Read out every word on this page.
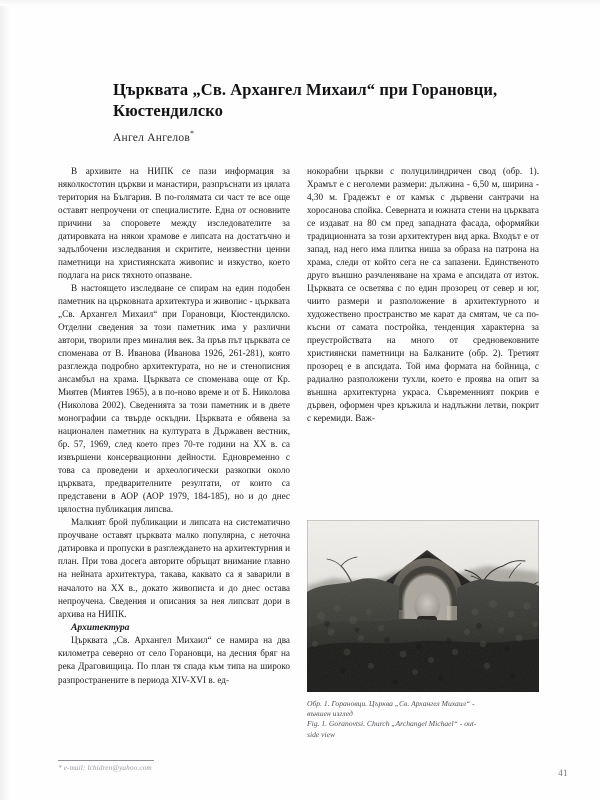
Църквата „Св. Архангел Михаил“ при Горановци, Кюстендилско
Ангел Ангелов*

В архивите на НИПК се пази информация за няколкостотин църкви и манастири, разпръснати из цялата територия на България. В по-голямата си част те все още оставят непроучени от специалистите. Една от основните причини за споровете между изследователите за датировката на някои храмове е липсата на достатъчно и задълбочени изследвания и скритите, неизвестни ценни паметници на християнската живопис и изкуство, което подлага на риск тяхното опазване.

В настоящето изследване се спирам на един подобен паметник на църковната архитектура и живопис - църквата „Св. Архангел Михаил“ при Горановци, Кюстендилско. Отделни сведения за този паметник има у различни автори, творили през миналия век. За пръв път църквата се споменава от В. Иванова (Иванова 1926, 261-281), която разглежда подробно архитектурата, но не и стенописния ансамбъл на храма. Църквата се споменава още от Кр. Миятев (Миятев 1965), а в по-ново време и от Б. Николова (Николова 2002). Сведенията за този паметник и в двете монографии са твърде оскъдни. Църквата е обявена за национален паметник на културата в Държавен вестник, бр. 57, 1969, след което през 70-те години на XX в. са извършени консервационни дейности. Едновременно с това са проведени и археологически разкопки около църквата, предварителните резултати, от които са представени в АОР (АОР 1979, 184-185), но и до днес цялостна публикация липсва.

Малкият брой публикации и липсата на систематично проучване оставят църквата малко популярна, с неточна датировка и пропуски в разглеждането на архитектурния и план. При това досега авторите обръщат внимание главно на нейната архитектура, такава, каквато са я заварили в началото на XX в., докато живописта и до днес остава непроучена. Сведения и описания за нея липсват дори в архива на НИПК.

Архитектура

Църквата „Св. Архангел Михаил“ се намира на два километра северно от село Горановци, на десния бряг на река Драговищица. По план тя спада към типа на широко разпространените в периода XIV-XVI в. ед-

нокорабни църкви с полуцилиндричен свод (обр. 1). Храмът е с неголеми размери: дължина - 6,50 м, ширина - 4,30 м. Градежът е от камък с дървени сантрачи на хоросанова спойка. Северната и южната стени на църквата се издават на 80 см пред западната фасада, оформяйки традиционната за този архитектурен вид арка. Входът е от запад, над него има плитка ниша за образа на патрона на храма, следи от който сега не са запазени. Единственото друго външно разчленяване на храма е апсидата от изток. Църквата се осветява с по един прозорец от север и юг, чиито размери и разположение в архитектурното и художествено пространство ме карат да смятам, че са по-късни от самата постройка, тенденция характерна за преустройствата на много от средновековните християнски паметници на Балканите (обр. 2). Третият прозорец е в апсидата. Той има формата на бойница, с радиално разположени тухли, което е проява на опит за външна архитектурна украса. Съвременният покрив е дървен, оформен чрез кръжила и надлъжни летви, покрит с керемиди. Важ-

Обр. 1. Горановци. Църква „Св. Архангел Михаил“ -
външен изглед
Fig. 1. Goranovtsi. Church „Archangel Michael“ - out-
side view
* e-mail: lchidren@yahoo.com	41
